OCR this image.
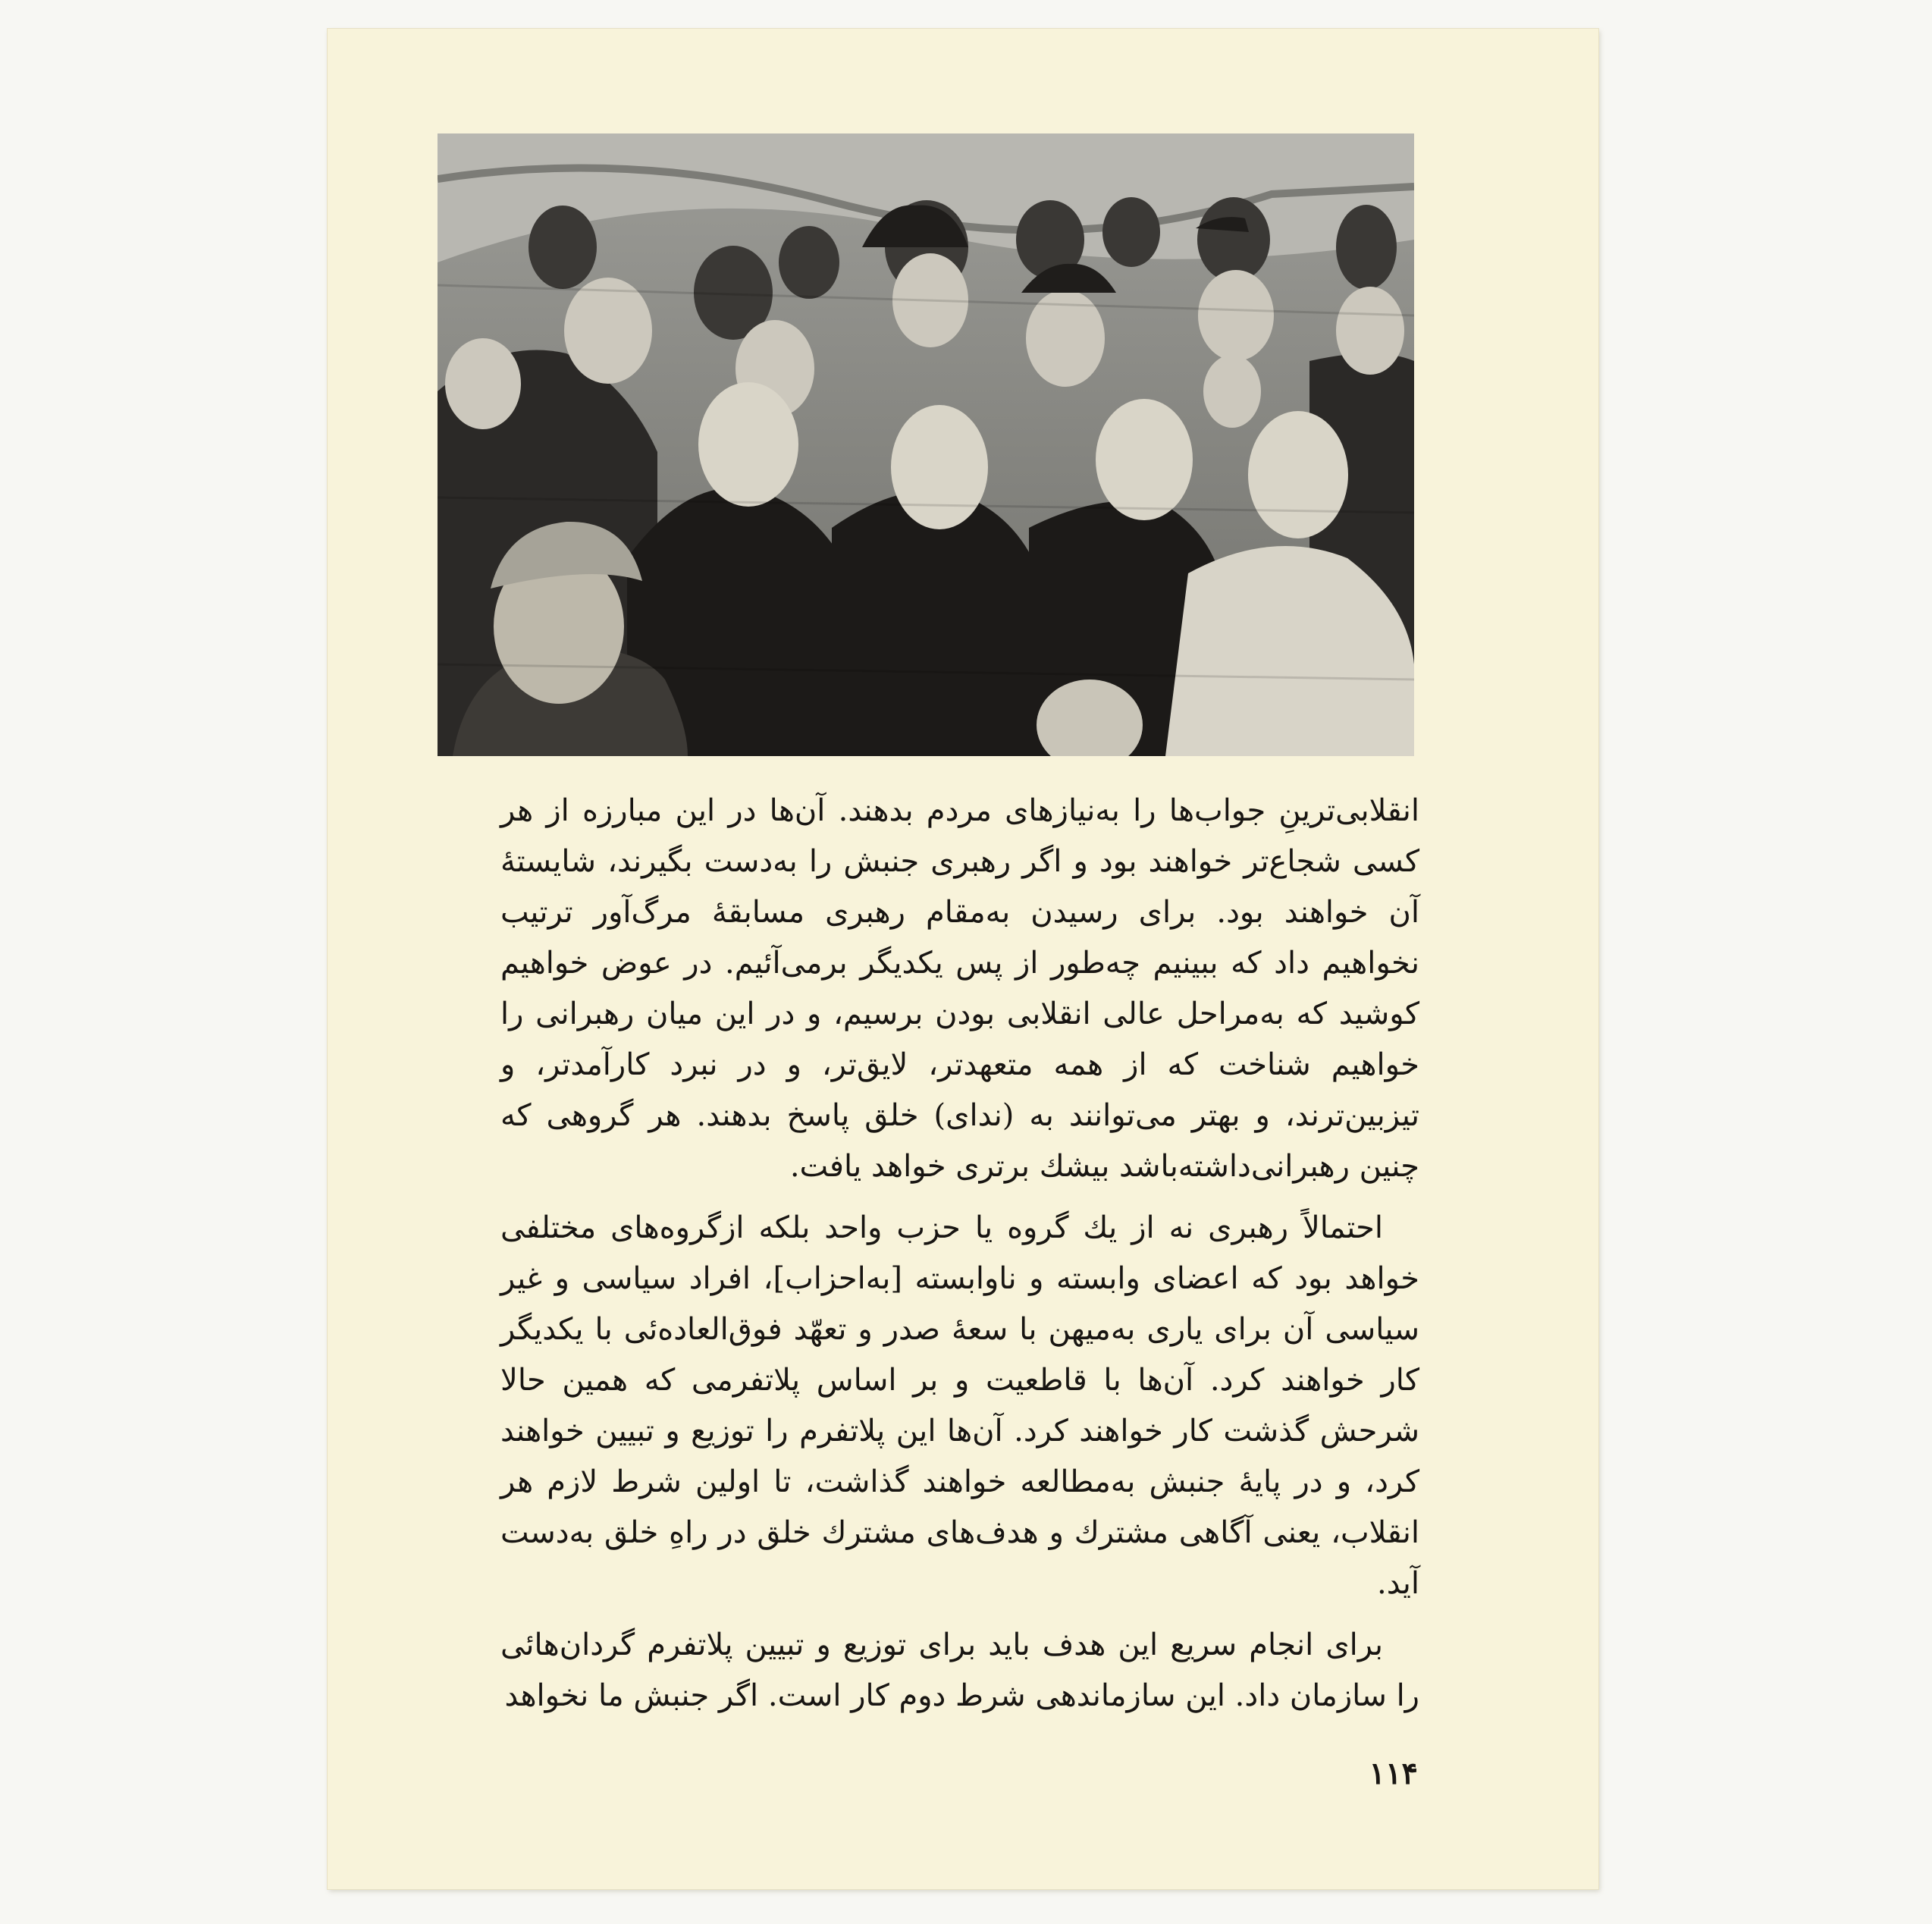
انقلابی‌ترینِ جواب‌ها را به‌نیازهای مردم بدهند. آن‌ها در این مبارزه از هر کسی شجاع‌تر خواهند بود و اگر رهبری جنبش را به‌دست بگیرند، شایستهٔ آن خواهند بود. برای رسیدن به‌مقام رهبری مسابقهٔ مرگ‌آور ترتیب نخواهیم داد که ببینیم چه‌طور از پس یکدیگر برمی‌آئیم. در عوض خواهیم کوشید که به‌مراحل عالی انقلابی بودن برسیم، و در این میان رهبرانی را خواهیم شناخت که از همه متعهدتر، لایق‌تر، و در نبرد کارآمدتر، و تیزبین‌ترند، و بهتر می‌توانند به (ندای) خلق پاسخ بدهند. هر گروهی که چنین رهبرانی‌داشته‌باشد بیشك برتری خواهد یافت.

احتمالاً رهبری نه از یك گروه یا حزب واحد بلکه ازگروه‌های مختلفی خواهد بود که اعضای وابسته و ناوابسته [به‌احزاب]، افراد سیاسی و غیر سیاسی آن برای یاری به‌میهن با سعهٔ صدر و تعهّد فوق‌العاده‌ئی با یکدیگر کار خواهند کرد. آن‌ها با قاطعیت و بر اساس پلاتفرمی که همین حالا شرحش گذشت کار خواهند کرد. آن‌ها این پلاتفرم را توزیع و تبیین خواهند کرد، و در پایهٔ جنبش به‌مطالعه خواهند گذاشت، تا اولین شرط لازم هر انقلاب، یعنی آگاهی مشترك و هدف‌های مشترك خلق در راهِ خلق به‌دست آید.

برای انجام سریع این هدف باید برای توزیع و تبیین پلاتفرم گردان‌هائی را سازمان داد. این سازماندهی شرط دوم کار است. اگر جنبش ما نخواهد

۱۱۴
